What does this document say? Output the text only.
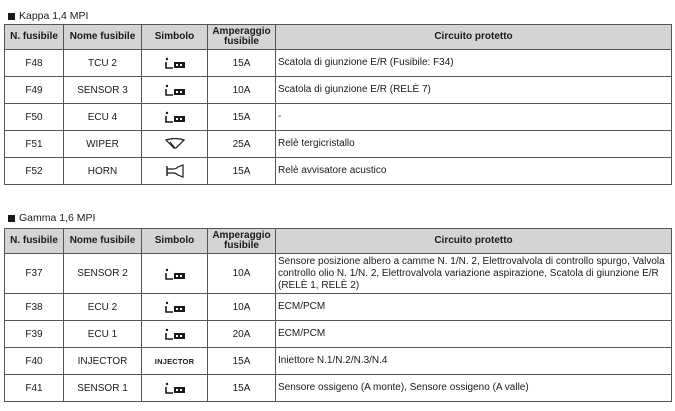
Kappa 1,4 MPI
N. fusibile	Nome fusibile	Simbolo	Amperaggio fusibile	Circuito protetto
F48	TCU 2		15A	Scatola di giunzione E/R (Fusibile: F34)
F49	SENSOR 3		10A	Scatola di giunzione E/R (RELÈ 7)
F50	ECU 4		15A	-
F51	WIPER		25A	Relè tergicristallo
F52	HORN		15A	Relè avvisatore acustico
Gamma 1,6 MPI
N. fusibile	Nome fusibile	Simbolo	Amperaggio fusibile	Circuito protetto
F37	SENSOR 2		10A	Sensore posizione albero a camme N. 1/N. 2, Elettrovalvola di controllo spurgo, Valvola controllo olio N. 1/N. 2, Elettrovalvola variazione aspirazione, Scatola di giunzione E/R (RELÈ 1, RELÈ 2)
F38	ECU 2		10A	ECM/PCM
F39	ECU 1		20A	ECM/PCM
F40	INJECTOR	INJECTOR	15A	Iniettore N.1/N.2/N.3/N.4
F41	SENSOR 1		15A	Sensore ossigeno (A monte), Sensore ossigeno (A valle)
